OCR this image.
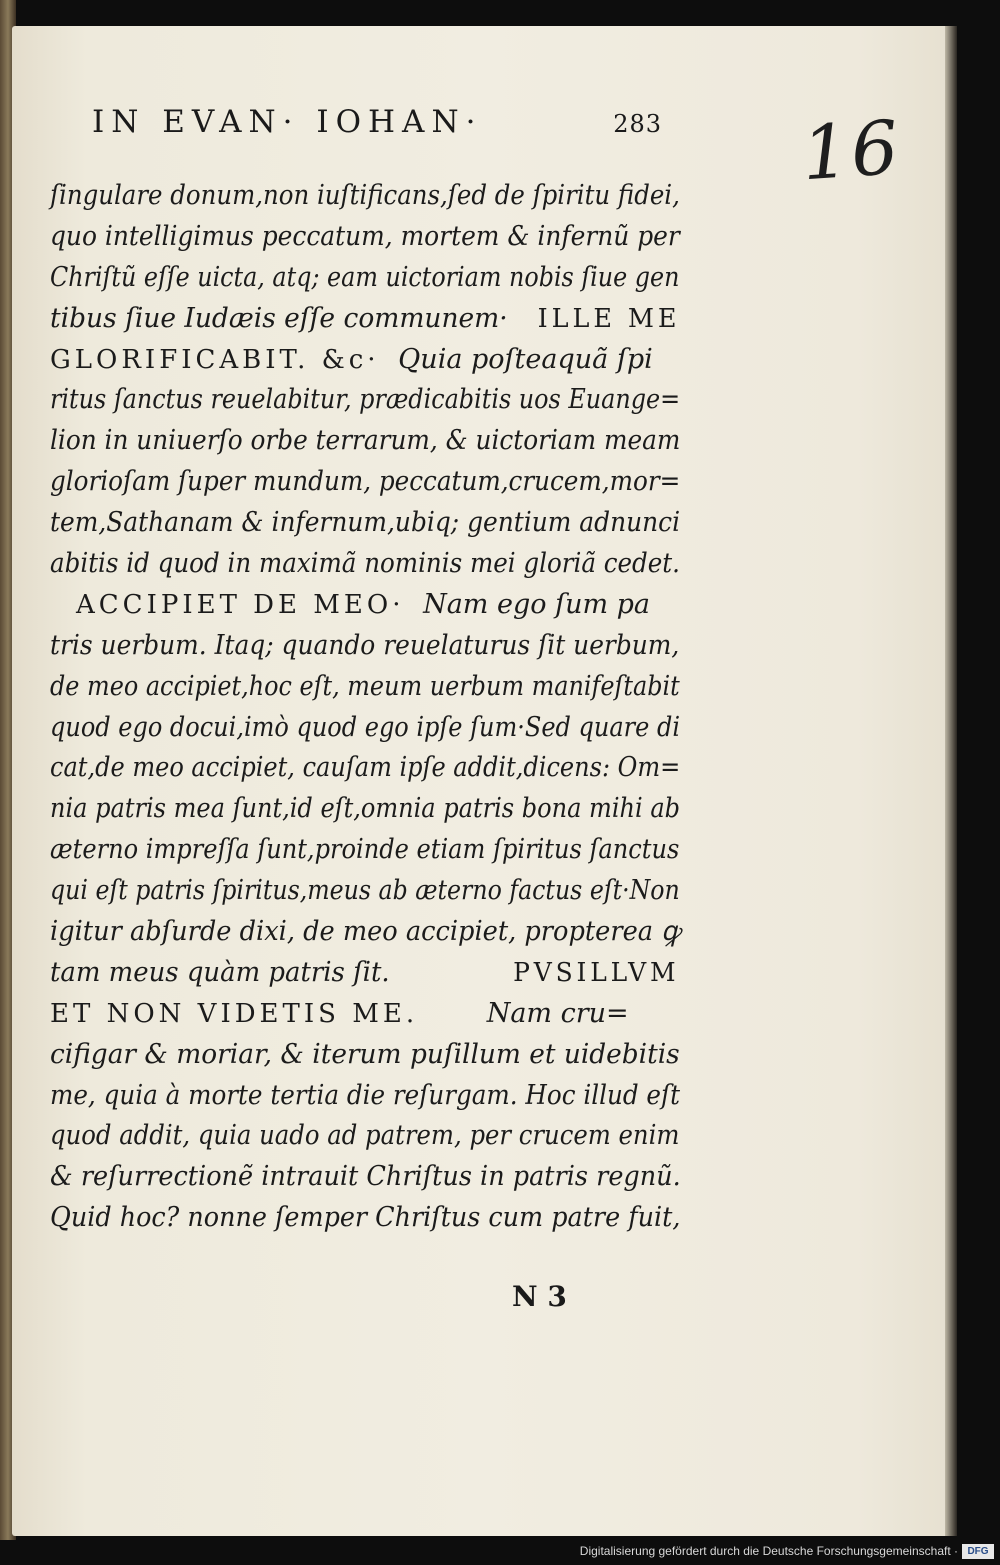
IN EVAN· IOHAN·	283 16
ſingulare donum,non iuſtificans,ſed de ſpiritu fidei,
quo intelligimus peccatum, mortem & infernũ per
Chriſtũ eſſe uicta, atq; eam uictoriam nobis ſiue gen
tibus ſiue Iudæis eſſe communem· ILLE ME
GLORIFICABIT. &c· Quia poſteaquã ſpi
ritus ſanctus reuelabitur, prædicabitis uos Euange=
lion in uniuerſo orbe terrarum, & uictoriam meam
glorioſam ſuper mundum, peccatum,crucem,mor=
tem,Sathanam & infernum,ubiq; gentium adnunci
abitis id quod in maximã nominis mei gloriã cedet.
ACCIPIET DE MEO· Nam ego ſum pa
tris uerbum. Itaq; quando reuelaturus ſit uerbum,
de meo accipiet,hoc eſt, meum uerbum manifeſtabit
quod ego docui,imò quod ego ipſe ſum·Sed quare di
cat,de meo accipiet, cauſam ipſe addit,dicens: Om=
nia patris mea ſunt,id eſt,omnia patris bona mihi ab
æterno impreſſa ſunt,proinde etiam ſpiritus ſanctus
qui eſt patris ſpiritus,meus ab æterno factus eſt·Non
igitur abſurde dixi, de meo accipiet, propterea ꝙ
tam meus quàm patris ſit.	PVSILLVM
ET NON VIDETIS ME.	Nam cru=
cifigar & moriar, & iterum puſillum et uidebitis
me, quia à morte tertia die reſurgam. Hoc illud eſt
quod addit, quia uado ad patrem, per crucem enim
& reſurrectionẽ intrauit Chriſtus in patris regnũ.
Quid hoc? nonne ſemper Chriſtus cum patre fuit,
N 3
Digitalisierung gefördert durch die Deutsche Forschungsgemeinschaft · DFG
